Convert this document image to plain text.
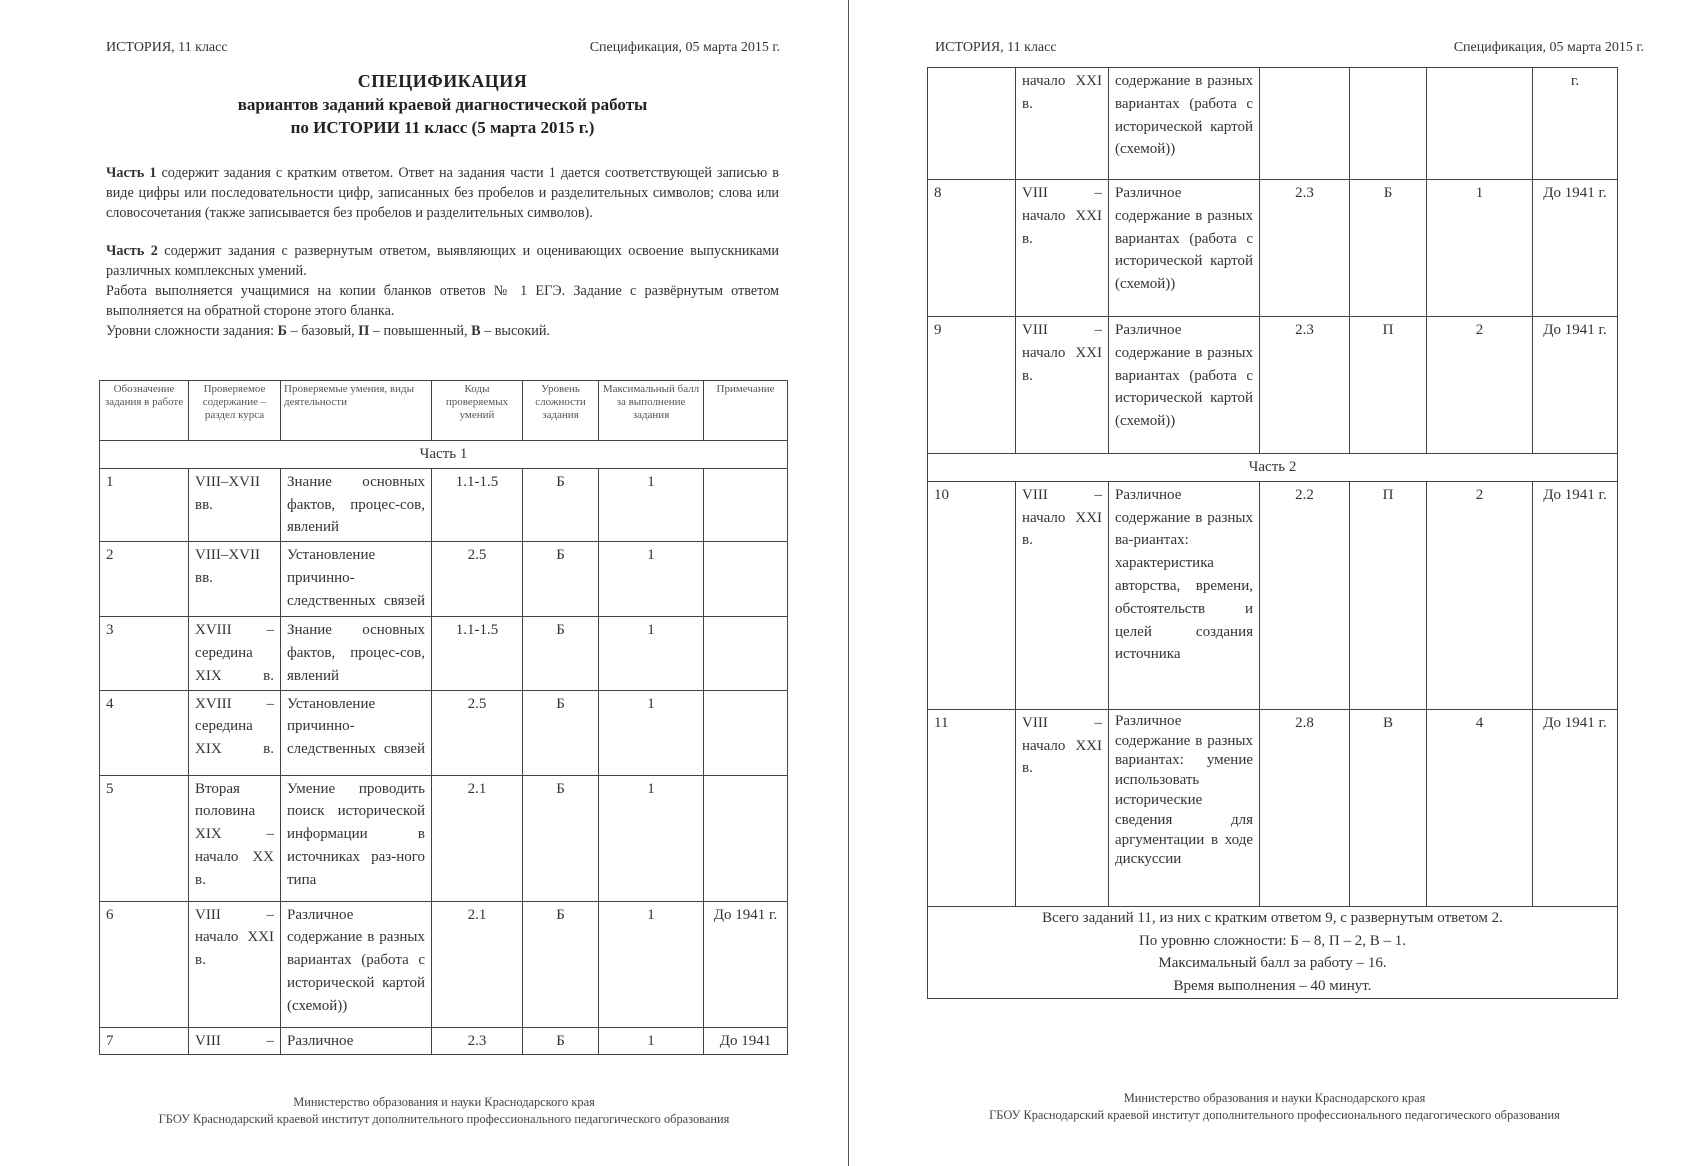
ИСТОРИЯ, 11 класс	Спецификация, 05 марта 2015 г.
СПЕЦИФИКАЦИЯ
вариантов заданий краевой диагностической работы
по ИСТОРИИ 11 класс (5 марта 2015 г.)

Часть 1 содержит задания с кратким ответом. Ответ на задания части 1 дается соответствующей записью в виде цифры или последовательности цифр, записанных без пробелов и разделительных символов; слова или словосочетания (также записывается без пробелов и разделительных символов).

Часть 2 содержит задания с развернутым ответом, выявляющих и оценивающих освоение выпускниками различных комплексных умений.

Работа выполняется учащимися на копии бланков ответов № 1 ЕГЭ. Задание с развёрнутым ответом выполняется на обратной стороне этого бланка.

Уровни сложности задания: Б – базовый, П – повышенный, В – высокий.

Обозначение задания в работе	Проверяемое содержание – раздел курса	Проверяемые умения, виды деятельности	Коды проверяемых умений	Уровень сложности задания	Максимальный балл за выполнение задания	Примечание
Часть 1						
1	VIII–XVII вв.	Знание основных фактов, процес-сов, явлений	1.1-1.5	Б	1	
2	VIII–XVII вв.	Установление причинно-следственных связей	2.5	Б	1	
3	XVIII – середина XIX в.	Знание основных фактов, процес-сов, явлений	1.1-1.5	Б	1	
4	XVIII – середина XIX в.	Установление причинно-следственных связей	2.5	Б	1	
5	Вторая половина XIX – начало XX в.	Умение проводить поиск исторической информации в источниках раз-ного типа	2.1	Б	1	
6	VIII – начало XXI в.	Различное содержание в разных вариантах (работа с исторической картой (схемой))	2.1	Б	1	До 1941 г.
7	VIII –	Различное	2.3	Б	1	До 1941
Министерство образования и науки Краснодарского края
ГБОУ Краснодарский краевой институт дополнительного профессионального педагогического образования
ИСТОРИЯ, 11 класс	Спецификация, 05 марта 2015 г.
	начало XXI в.	содержание в разных вариантах (работа с исторической картой (схемой))				г.
8	VIII – начало XXI в.	Различное содержание в разных вариантах (работа с исторической картой (схемой))	2.3	Б	1	До 1941 г.
9	VIII – начало XXI в.	Различное содержание в разных вариантах (работа с исторической картой (схемой))	2.3	П	2	До 1941 г.
Часть 2						
10	VIII – начало XXI в.	Различное содержание в разных ва-риантах: характеристика авторства, времени, обстоятельств и целей создания источника	2.2	П	2	До 1941 г.
11	VIII – начало XXI в.	Различное содержание в разных вариантах: умение использовать исторические сведения для аргументации в ходе дискуссии	2.8	В	4	До 1941 г.
Всего заданий 11, из них с кратким ответом 9, с развернутым ответом 2.						
По уровню сложности: Б – 8, П – 2, В – 1.						
Максимальный балл за работу – 16.						
Время выполнения – 40 минут.						
Министерство образования и науки Краснодарского края
ГБОУ Краснодарский краевой институт дополнительного профессионального педагогического образования
